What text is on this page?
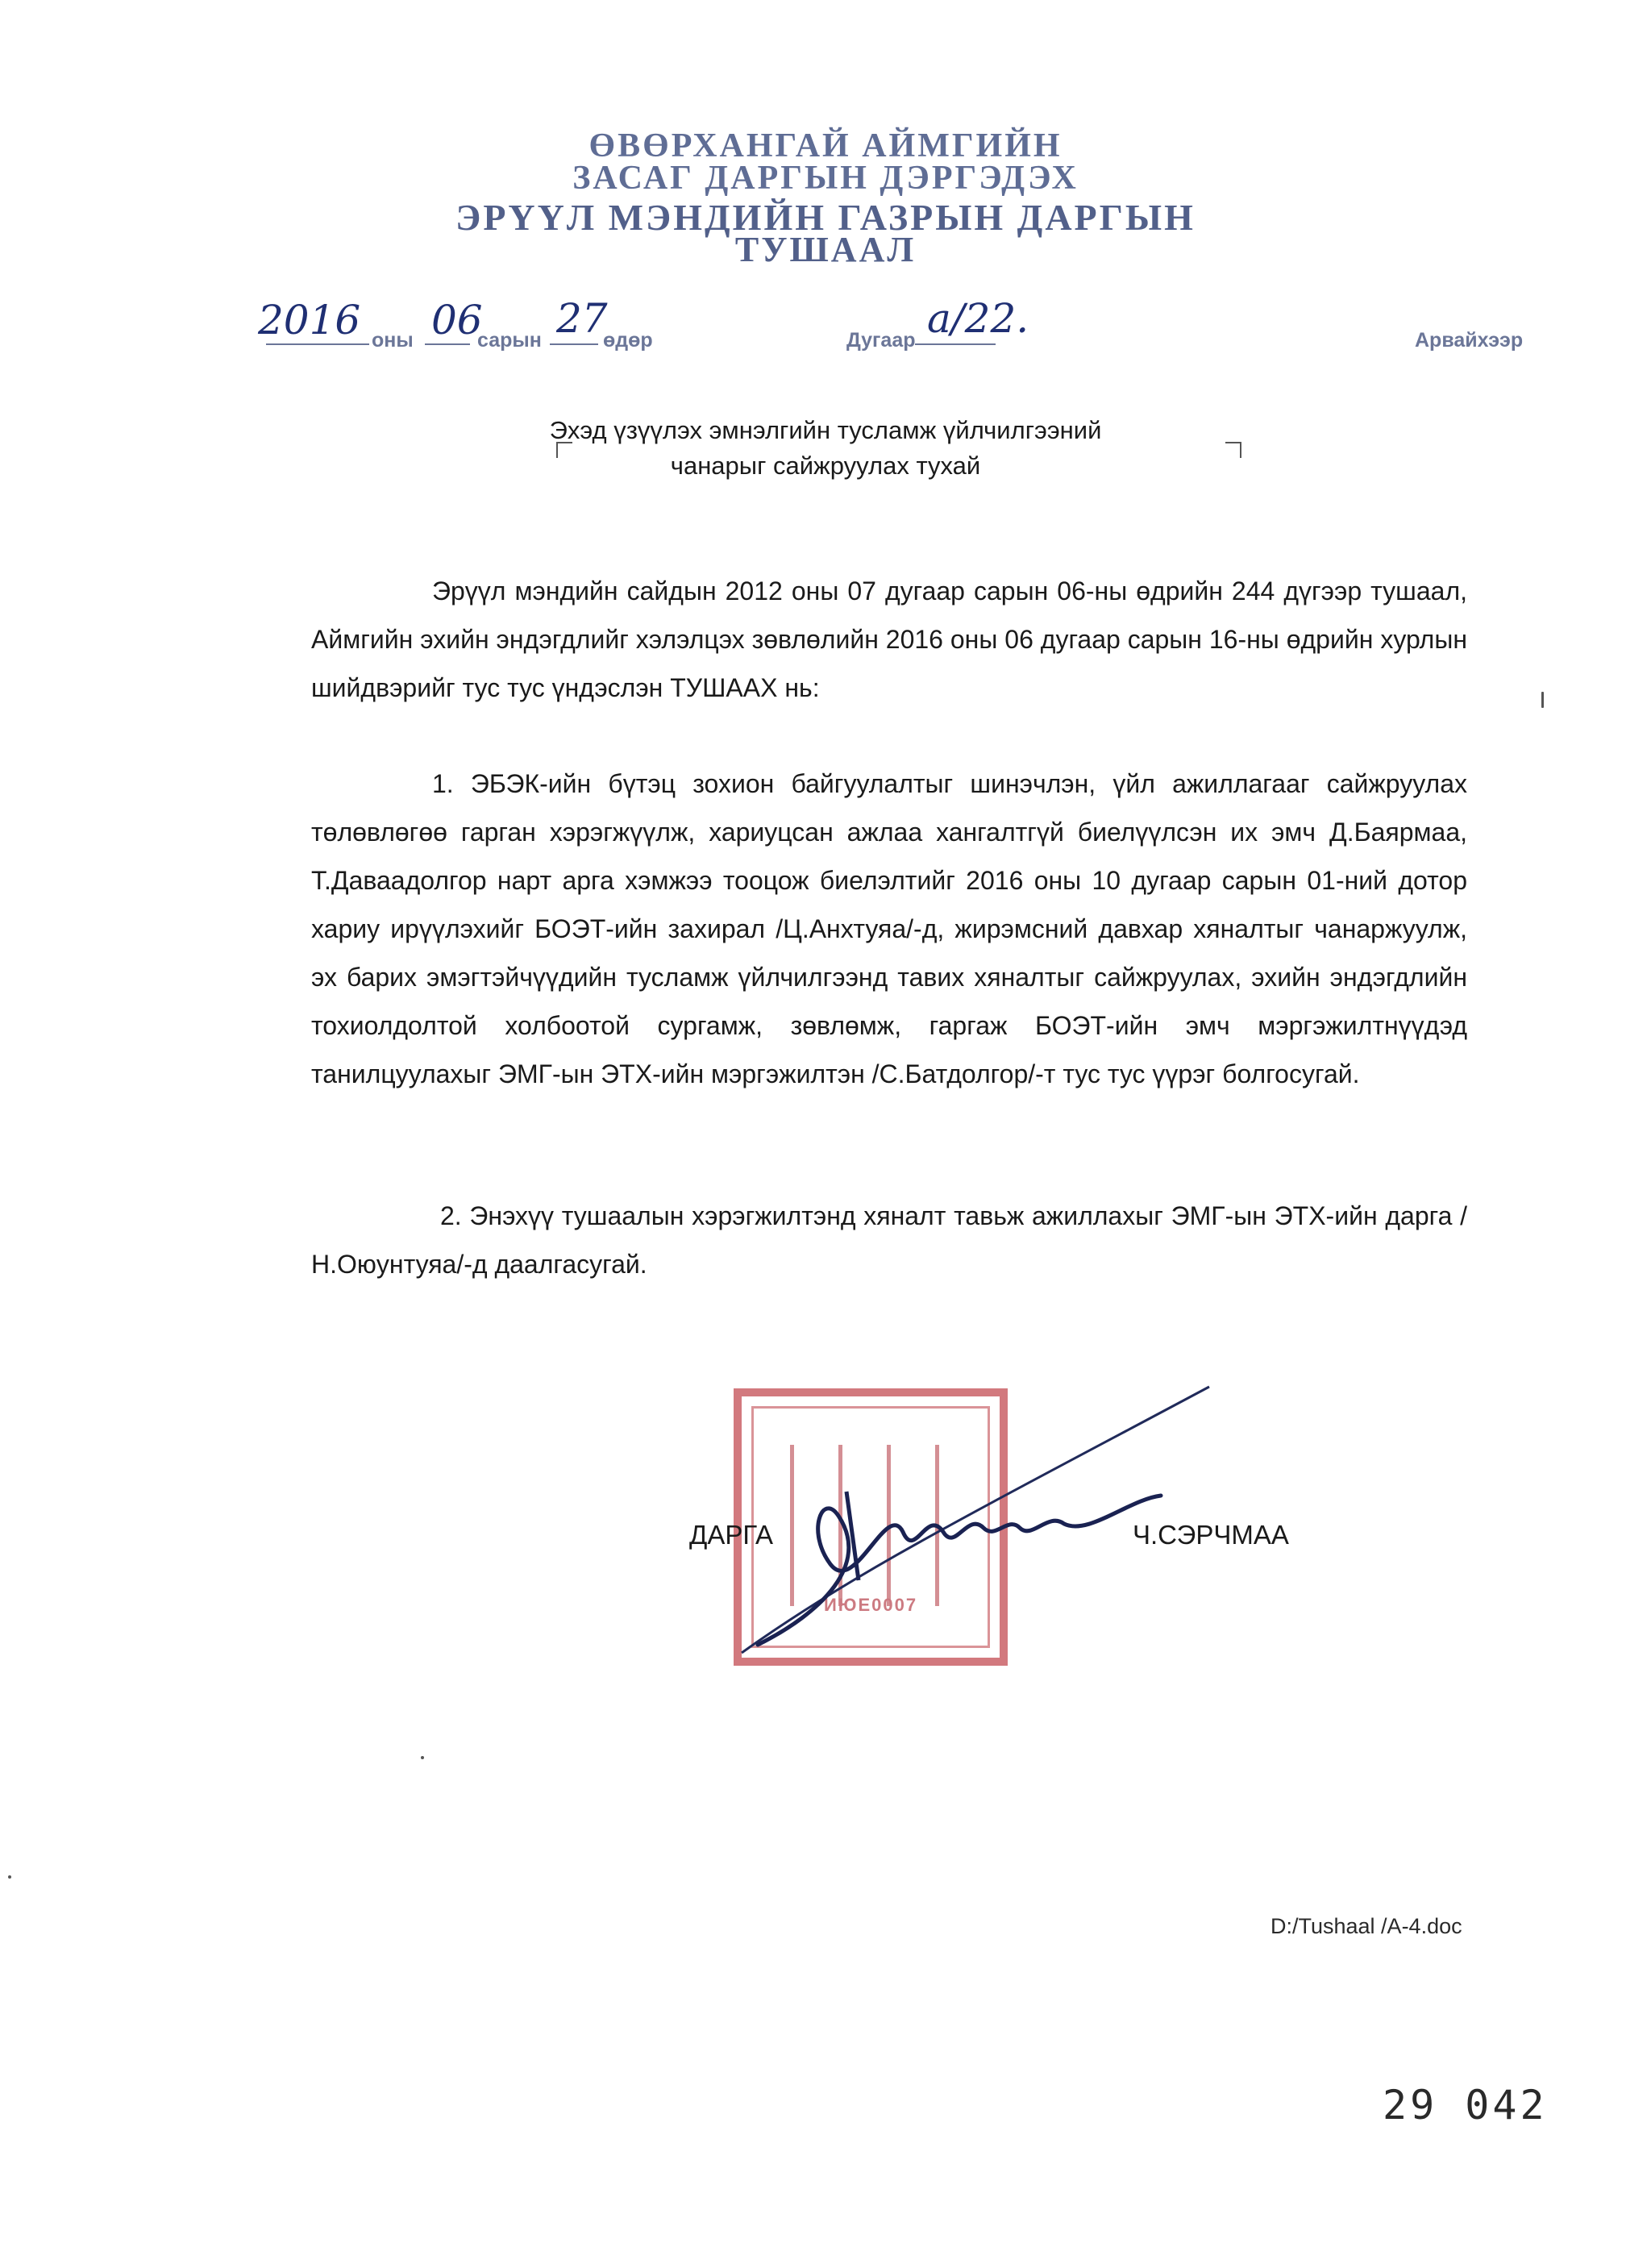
ӨВӨРХАНГАЙ АЙМГИЙН
ЗАСАГ ДАРГЫН ДЭРГЭДЭХ
ЭРҮҮЛ МЭНДИЙН ГАЗРЫН ДАРГЫН
ТУШААЛ
2016 оны 06
сарын 27
өдөр	Дугаар а/22.	Арвайхээр
Эхэд үзүүлэх эмнэлгийн тусламж үйлчилгээний
чанарыг сайжруулах тухай

Эрүүл мэндийн сайдын 2012 оны 07 дугаар сарын 06-ны өдрийн 244 дүгээр тушаал, Аймгийн эхийн эндэгдлийг хэлэлцэх зөвлөлийн 2016 оны 06 дугаар сарын 16-ны өдрийн хурлын шийдвэрийг тус тус үндэслэн ТУШААХ нь:

1. ЭБЭК-ийн бүтэц зохион байгуулалтыг шинэчлэн, үйл ажиллагааг сайжруулах төлөвлөгөө гарган хэрэгжүүлж, хариуцсан ажлаа хангалтгүй биелүүлсэн их эмч Д.Баярмаа, Т.Даваадолгор нарт арга хэмжээ тооцож биелэлтийг 2016 оны 10 дугаар сарын 01-ний дотор хариу ирүүлэхийг БОЭТ-ийн захирал /Ц.Анхтуяа/-д, жирэмсний давхар хяналтыг чанаржуулж, эх барих эмэгтэйчүүдийн тусламж үйлчилгээнд тавих хяналтыг сайжруулах, эхийн эндэгдлийн тохиолдолтой холбоотой сургамж, зөвлөмж, гаргаж БОЭТ-ийн эмч мэргэжилтнүүдэд танилцуулахыг ЭМГ-ын ЭТХ-ийн мэргэжилтэн /С.Батдолгор/-т тус тус үүрэг болгосугай.

2. Энэхүү тушаалын хэрэгжилтэнд хяналт тавьж ажиллахыг ЭМГ-ын ЭТХ-ийн дарга /Н.Оюунтуяа/-д даалгасугай.

ИЮЕ0007
ДАРГА	Ч.СЭРЧМАА
D:/Tushaal /A-4.doc
29 042
